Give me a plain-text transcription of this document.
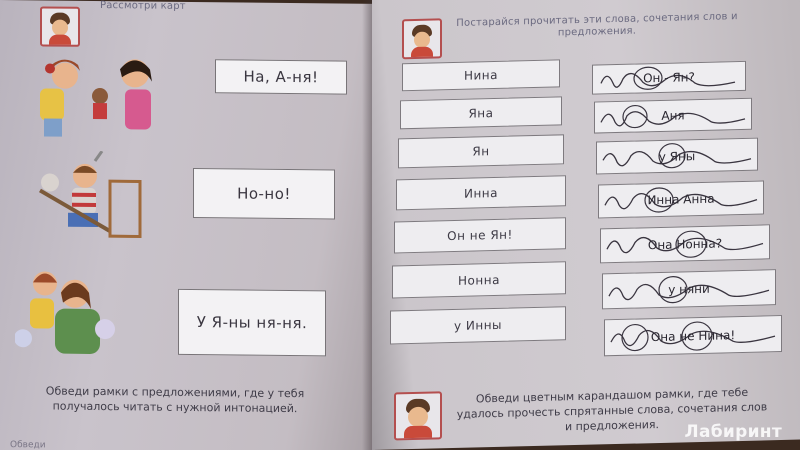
Рассмотри карт
На, А-ня!
Но-но!
У Я-ны ня-ня.
Обведи рамки с предложениями, где у тебя получалось читать с нужной интонацией.
Обведи
Постарайся прочитать эти слова, сочетания слов и предложения.
Нина
Яна
Ян
Инна
Он не Ян!
Нонна
у Инны
Он - Ян?
Аня
у Яны
Инна Анна
Она Нонна?
у няни
Она не Нина!
Обведи цветным карандашом рамки, где тебе удалось прочесть спрятанные слова, сочетания слов и предложения.	Лабиринт
